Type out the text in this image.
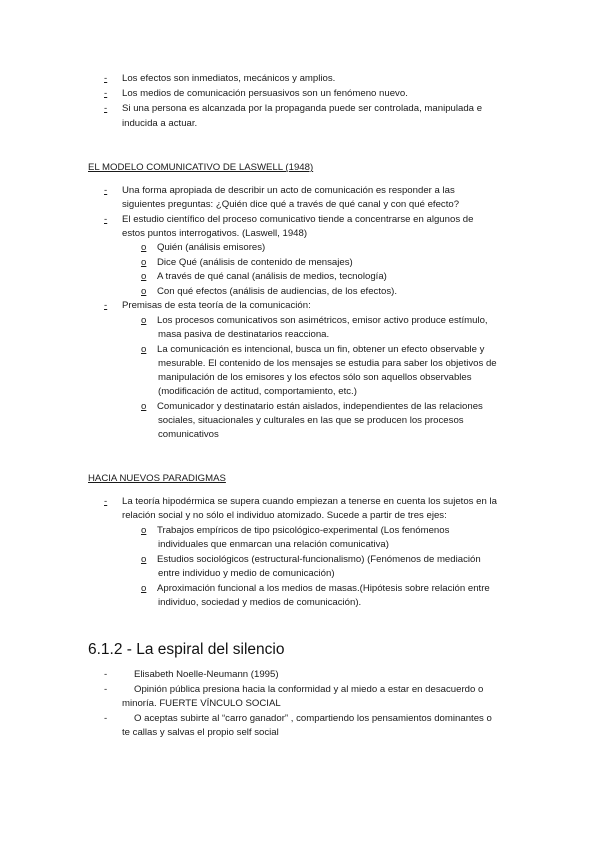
- Los efectos son inmediatos, mecánicos y amplios.
- Los medios de comunicación persuasivos son un fenómeno nuevo.
- Si una persona es alcanzada por la propaganda puede ser controlada, manipulada e
inducida a actuar.
EL MODELO COMUNICATIVO DE LASWELL (1948)
- Una forma apropiada de describir un acto de comunicación es responder a las
siguientes preguntas: ¿Quién dice qué a través de qué canal y con qué efecto?
- El estudio científico del proceso comunicativo tiende a concentrarse en algunos de
estos puntos interrogativos. (Laswell, 1948)
o Quién (análisis emisores)
o Dice Qué (análisis de contenido de mensajes)
o A través de qué canal (análisis de medios, tecnología)
o Con qué efectos (análisis de audiencias, de los efectos).
- Premisas de esta teoría de la comunicación:
o Los procesos comunicativos son asimétricos, emisor activo produce estímulo,
masa pasiva de destinatarios reacciona.
o La comunicación es intencional, busca un fin, obtener un efecto observable y
mesurable. El contenido de los mensajes se estudia para saber los objetivos de
manipulación de los emisores y los efectos sólo son aquellos observables
(modificación de actitud, comportamiento, etc.)
o Comunicador y destinatario están aislados, independientes de las relaciones
sociales, situacionales y culturales en las que se producen los procesos
comunicativos
HACIA NUEVOS PARADIGMAS
- La teoría hipodérmica se supera cuando empiezan a tenerse en cuenta los sujetos en la
relación social y no sólo el individuo atomizado. Sucede a partir de tres ejes:
o Trabajos empíricos de tipo psicológico-experimental (Los fenómenos
individuales que enmarcan una relación comunicativa)
o Estudios sociológicos (estructural-funcionalismo) (Fenómenos de mediación
entre individuo y medio de comunicación)
o Aproximación funcional a los medios de masas.(Hipótesis sobre relación entre
individuo, sociedad y medios de comunicación).
6.1.2 - La espiral del silencio
-	Elisabeth Noelle-Neumann (1995)
-	Opinión pública presiona hacia la conformidad y al miedo a estar en desacuerdo o
minoría. FUERTE VÍNCULO SOCIAL
-	O aceptas subirte al “carro ganador” , compartiendo los pensamientos dominantes o
te callas y salvas el propio self social
